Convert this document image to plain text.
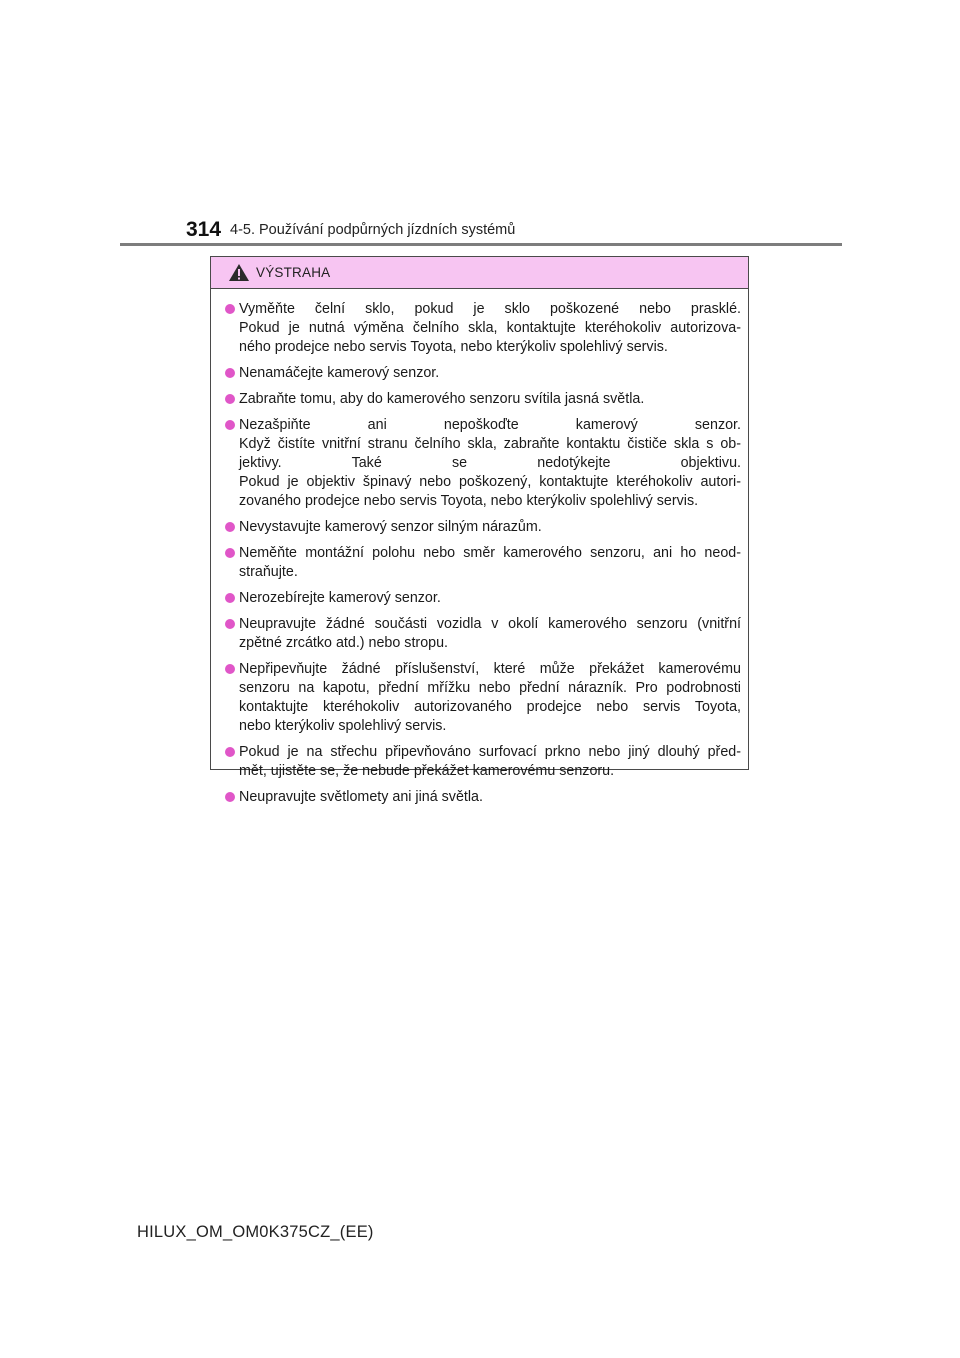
314 4-5. Používání podpůrných jízdních systémů
VÝSTRAHA
Vyměňte čelní sklo, pokud je sklo poškozené nebo prasklé.
Pokud je nutná výměna čelního skla, kontaktujte kteréhokoliv autorizova-
ného prodejce nebo servis Toyota, nebo kterýkoliv spolehlivý servis.
Nenamáčejte kamerový senzor.
Zabraňte tomu, aby do kamerového senzoru svítila jasná světla.
Nezašpiňte ani nepoškoďte kamerový senzor.
Když čistíte vnitřní stranu čelního skla, zabraňte kontaktu čističe skla s ob-
jektivy. Také se nedotýkejte objektivu.
Pokud je objektiv špinavý nebo poškozený, kontaktujte kteréhokoliv autori-
zovaného prodejce nebo servis Toyota, nebo kterýkoliv spolehlivý servis.
Nevystavujte kamerový senzor silným nárazům.
Neměňte montážní polohu nebo směr kamerového senzoru, ani ho neod-
straňujte.
Nerozebírejte kamerový senzor.
Neupravujte žádné součásti vozidla v okolí kamerového senzoru (vnitřní
zpětné zrcátko atd.) nebo stropu.
Nepřipevňujte žádné příslušenství, které může překážet kamerovému
senzoru na kapotu, přední mřížku nebo přední nárazník. Pro podrobnosti
kontaktujte kteréhokoliv autorizovaného prodejce nebo servis Toyota,
nebo kterýkoliv spolehlivý servis.
Pokud je na střechu připevňováno surfovací prkno nebo jiný dlouhý před-
mět, ujistěte se, že nebude překážet kamerovému senzoru.
Neupravujte světlomety ani jiná světla.
HILUX_OM_OM0K375CZ_(EE)
